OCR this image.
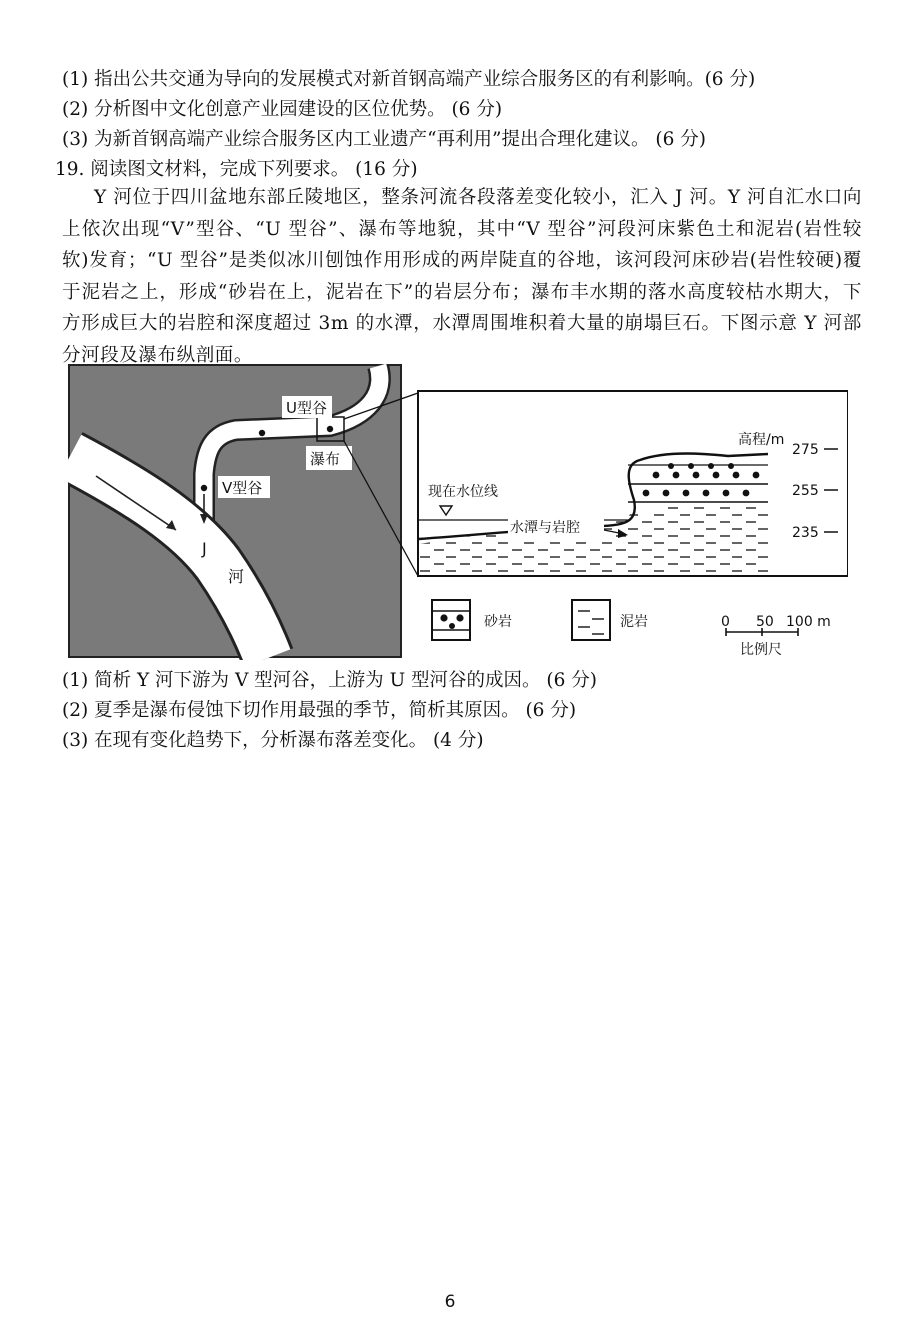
(1) 指出公共交通为导向的发展模式对新首钢高端产业综合服务区的有利影响。(6 分)
(2) 分析图中文化创意产业园建设的区位优势。 (6 分)
(3) 为新首钢高端产业综合服务区内工业遗产“再利用”提出合理化建议。 (6 分)
19. 阅读图文材料，完成下列要求。 (16 分)
Y 河位于四川盆地东部丘陵地区，整条河流各段落差变化较小，汇入 J 河。Y 河自汇水口向上依次出现“V”型谷、“U 型谷”、瀑布等地貌，其中“V 型谷”河段河床紫色土和泥岩(岩性较软)发育；“U 型谷”是类似冰川刨蚀作用形成的两岸陡直的谷地，该河段河床砂岩(岩性较硬)覆于泥岩之上，形成“砂岩在上，泥岩在下”的岩层分布；瀑布丰水期的落水高度较枯水期大，下方形成巨大的岩腔和深度超过 3m 的水潭，水潭周围堆积着大量的崩塌巨石。下图示意 Y 河部分河段及瀑布纵剖面。
U型谷
瀑布
V型谷
J
河
现在水位线
水潭与岩腔
高程/m
275
255
235
砂岩	泥岩	0 50 100 m
比例尺
(1) 简析 Y 河下游为 V 型河谷，上游为 U 型河谷的成因。 (6 分)
(2) 夏季是瀑布侵蚀下切作用最强的季节，简析其原因。 (6 分)
(3) 在现有变化趋势下，分析瀑布落差变化。 (4 分)
6
